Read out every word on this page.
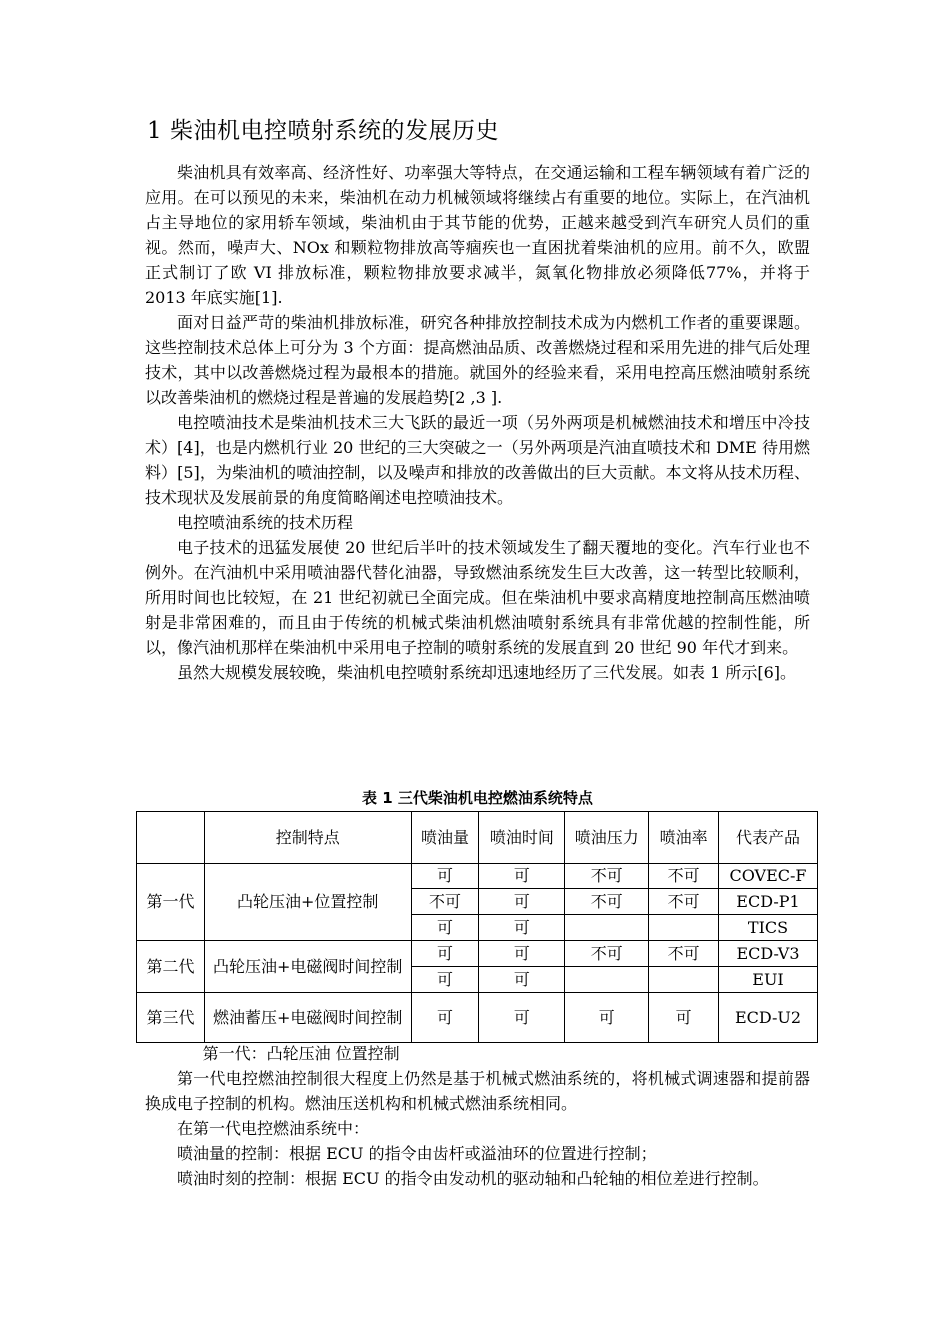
1 柴油机电控喷射系统的发展历史

柴油机具有效率高、经济性好、功率强大等特点，在交通运输和工程车辆领域有着广泛的应用。在可以预见的未来，柴油机在动力机械领域将继续占有重要的地位。实际上，在汽油机占主导地位的家用轿车领域，柴油机由于其节能的优势，正越来越受到汽车研究人员们的重视。然而，噪声大、NOx 和颗粒物排放高等痼疾也一直困扰着柴油机的应用。前不久，欧盟正式制订了欧 VI 排放标准，颗粒物排放要求减半，氮氧化物排放必须降低77%，并将于 2013 年底实施[1].

面对日益严苛的柴油机排放标准，研究各种排放控制技术成为内燃机工作者的重要课题。这些控制技术总体上可分为 3 个方面：提高燃油品质、改善燃烧过程和采用先进的排气后处理技术，其中以改善燃烧过程为最根本的措施。就国外的经验来看，采用电控高压燃油喷射系统以改善柴油机的燃烧过程是普遍的发展趋势[2 ,3 ].

电控喷油技术是柴油机技术三大飞跃的最近一项（另外两项是机械燃油技术和增压中冷技术）[4]，也是内燃机行业 20 世纪的三大突破之一（另外两项是汽油直喷技术和 DME 待用燃料）[5]，为柴油机的喷油控制，以及噪声和排放的改善做出的巨大贡献。本文将从技术历程、技术现状及发展前景的角度简略阐述电控喷油技术。

电控喷油系统的技术历程

电子技术的迅猛发展使 20 世纪后半叶的技术领域发生了翻天覆地的变化。汽车行业也不例外。在汽油机中采用喷油器代替化油器，导致燃油系统发生巨大改善，这一转型比较顺利，所用时间也比较短，在 21 世纪初就已全面完成。但在柴油机中要求高精度地控制高压燃油喷射是非常困难的，而且由于传统的机械式柴油机燃油喷射系统具有非常优越的控制性能，所以，像汽油机那样在柴油机中采用电子控制的喷射系统的发展直到 20 世纪 90 年代才到来。

虽然大规模发展较晚，柴油机电控喷射系统却迅速地经历了三代发展。如表 1 所示[6]。

表 1 三代柴油机电控燃油系统特点
	控制特点	喷油量	喷油时间	喷油压力	喷油率	代表产品
第一代	凸轮压油+位置控制	可	可	不可	不可	COVEC-F
		不可	可	不可	不可	ECD-P1
		可	可			TICS
第二代	凸轮压油+电磁阀时间控制	可	可	不可	不可	ECD-V3
		可	可			EUI
第三代	燃油蓄压+电磁阀时间控制	可	可	可	可	ECD-U2

第一代：凸轮压油 位置控制

第一代电控燃油控制很大程度上仍然是基于机械式燃油系统的，将机械式调速器和提前器换成电子控制的机构。燃油压送机构和机械式燃油系统相同。

在第一代电控燃油系统中：

喷油量的控制：根据 ECU 的指令由齿杆或溢油环的位置进行控制；

喷油时刻的控制：根据 ECU 的指令由发动机的驱动轴和凸轮轴的相位差进行控制。
